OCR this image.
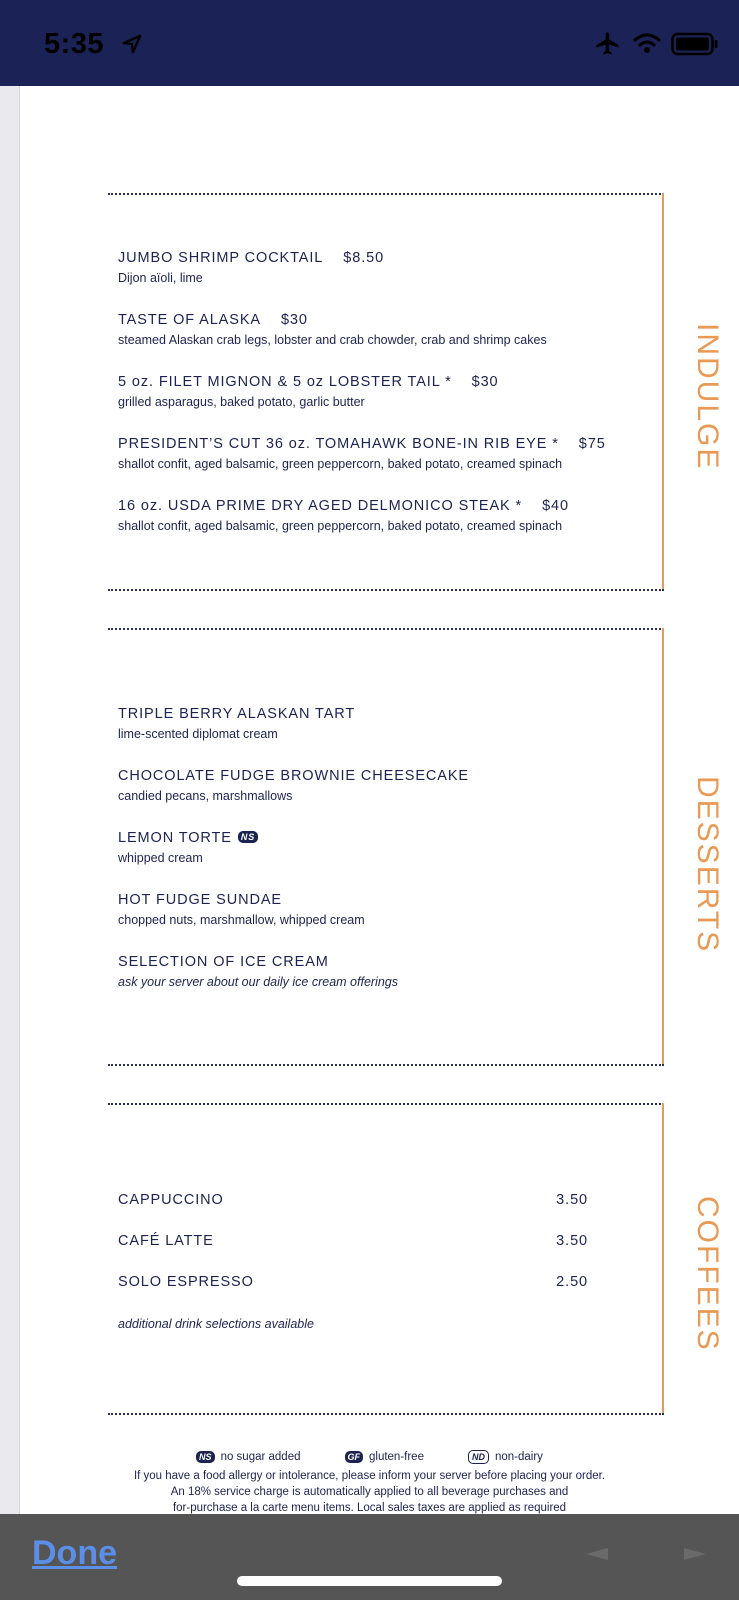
5:35
JUMBO SHRIMP COCKTAIL $8.50
Dijon aïoli, lime
TASTE OF ALASKA $30
steamed Alaskan crab legs, lobster and crab chowder, crab and shrimp cakes
5 oz. FILET MIGNON & 5 oz LOBSTER TAIL * $30
grilled asparagus, baked potato, garlic butter
PRESIDENT’S CUT 36 oz. TOMAHAWK BONE-IN RIB EYE * $75
shallot confit, aged balsamic, green peppercorn, baked potato, creamed spinach
16 oz. USDA PRIME DRY AGED DELMONICO STEAK * $40
shallot confit, aged balsamic, green peppercorn, baked potato, creamed spinach
INDULGE
TRIPLE BERRY ALASKAN TART
lime-scented diplomat cream
CHOCOLATE FUDGE BROWNIE CHEESECAKE
candied pecans, marshmallows
LEMON TORTE NS
whipped cream
HOT FUDGE SUNDAE
chopped nuts, marshmallow, whipped cream
SELECTION OF ICE CREAM
ask your server about our daily ice cream offerings
DESSERTS
CAPPUCCINO	3.50
CAFÉ LATTE	3.50
SOLO ESPRESSO	2.50
additional drink selections available	COFFEES
NS no sugar added	GF gluten-free	ND non-dairy
If you have a food allergy or intolerance, please inform your server before placing your order.
An 18% service charge is automatically applied to all beverage purchases and
for-purchase a la carte menu items. Local sales taxes are applied as required
Done
